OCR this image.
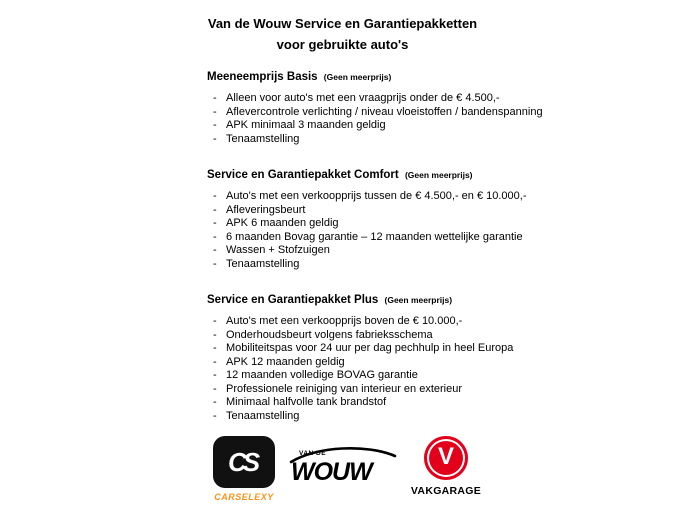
Van de Wouw Service en Garantiepakketten
voor gebruikte auto's
Meeneemprijs Basis (Geen meerprijs)
- Alleen voor auto's met een vraagprijs onder de € 4.500,-
- Aflevercontrole verlichting / niveau vloeistoffen / bandenspanning
- APK minimaal 3 maanden geldig
- Tenaamstelling
Service en Garantiepakket Comfort (Geen meerprijs)
- Auto's met een verkoopprijs tussen de € 4.500,- en € 10.000,-
- Afleveringsbeurt
- APK 6 maanden geldig
- 6 maanden Bovag garantie – 12 maanden wettelijke garantie
- Wassen + Stofzuigen
- Tenaamstelling
Service en Garantiepakket Plus (Geen meerprijs)
- Auto's met een verkoopprijs boven de € 10.000,-
- Onderhoudsbeurt volgens fabrieksschema
- Mobiliteitspas voor 24 uur per dag pechhulp in heel Europa
- APK 12 maanden geldig
- 12 maanden volledige BOVAG garantie
- Professionele reiniging van interieur en exterieur
- Minimaal halfvolle tank brandstof
- Tenaamstelling
CS
CARSELEXY
VAN DE
WOUW
V
VAKGARAGE
